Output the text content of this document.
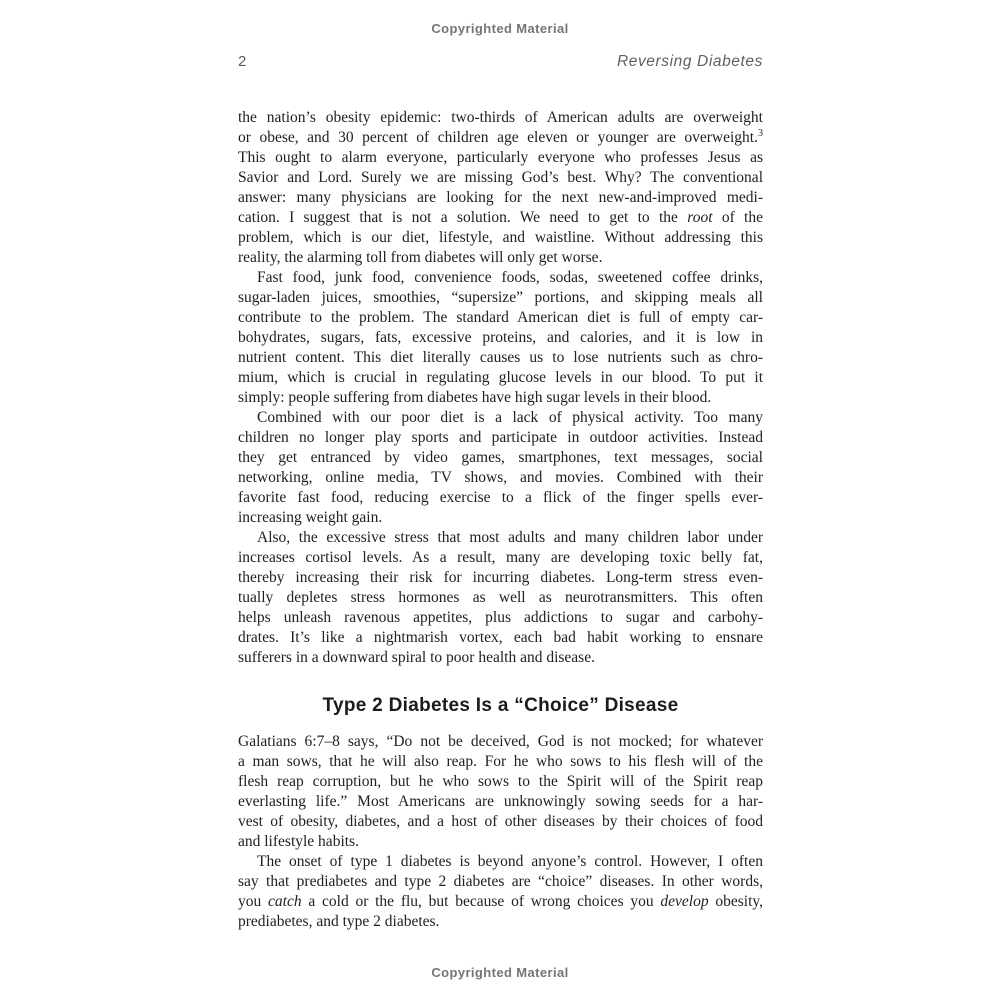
Copyrighted Material
2	Reversing Diabetes
the nation’s obesity epidemic: two-thirds of American adults are overweight
or obese, and 30 percent of children age eleven or younger are overweight.$^3$
This ought to alarm everyone, particularly everyone who professes Jesus as
Savior and Lord. Surely we are missing God’s best. Why? The conventional
answer: many physicians are looking for the next new-and-improved medi-
cation. I suggest that is not a solution. We need to get to the root of the
problem, which is our diet, lifestyle, and waistline. Without addressing this
reality, the alarming toll from diabetes will only get worse.
Fast food, junk food, convenience foods, sodas, sweetened coffee drinks,
sugar-laden juices, smoothies, “supersize” portions, and skipping meals all
contribute to the problem. The standard American diet is full of empty car-
bohydrates, sugars, fats, excessive proteins, and calories, and it is low in
nutrient content. This diet literally causes us to lose nutrients such as chro-
mium, which is crucial in regulating glucose levels in our blood. To put it
simply: people suffering from diabetes have high sugar levels in their blood.
Combined with our poor diet is a lack of physical activity. Too many
children no longer play sports and participate in outdoor activities. Instead
they get entranced by video games, smartphones, text messages, social
networking, online media, TV shows, and movies. Combined with their
favorite fast food, reducing exercise to a flick of the finger spells ever-
increasing weight gain.
Also, the excessive stress that most adults and many children labor under
increases cortisol levels. As a result, many are developing toxic belly fat,
thereby increasing their risk for incurring diabetes. Long-term stress even-
tually depletes stress hormones as well as neurotransmitters. This often
helps unleash ravenous appetites, plus addictions to sugar and carbohy-
drates. It’s like a nightmarish vortex, each bad habit working to ensnare
sufferers in a downward spiral to poor health and disease.
Type 2 Diabetes Is a “Choice” Disease
Galatians 6:7–8 says, “Do not be deceived, God is not mocked; for whatever
a man sows, that he will also reap. For he who sows to his flesh will of the
flesh reap corruption, but he who sows to the Spirit will of the Spirit reap
everlasting life.” Most Americans are unknowingly sowing seeds for a har-
vest of obesity, diabetes, and a host of other diseases by their choices of food
and lifestyle habits.
The onset of type 1 diabetes is beyond anyone’s control. However, I often
say that prediabetes and type 2 diabetes are “choice” diseases. In other words,
you catch a cold or the flu, but because of wrong choices you develop obesity,
prediabetes, and type 2 diabetes.
Copyrighted Material
